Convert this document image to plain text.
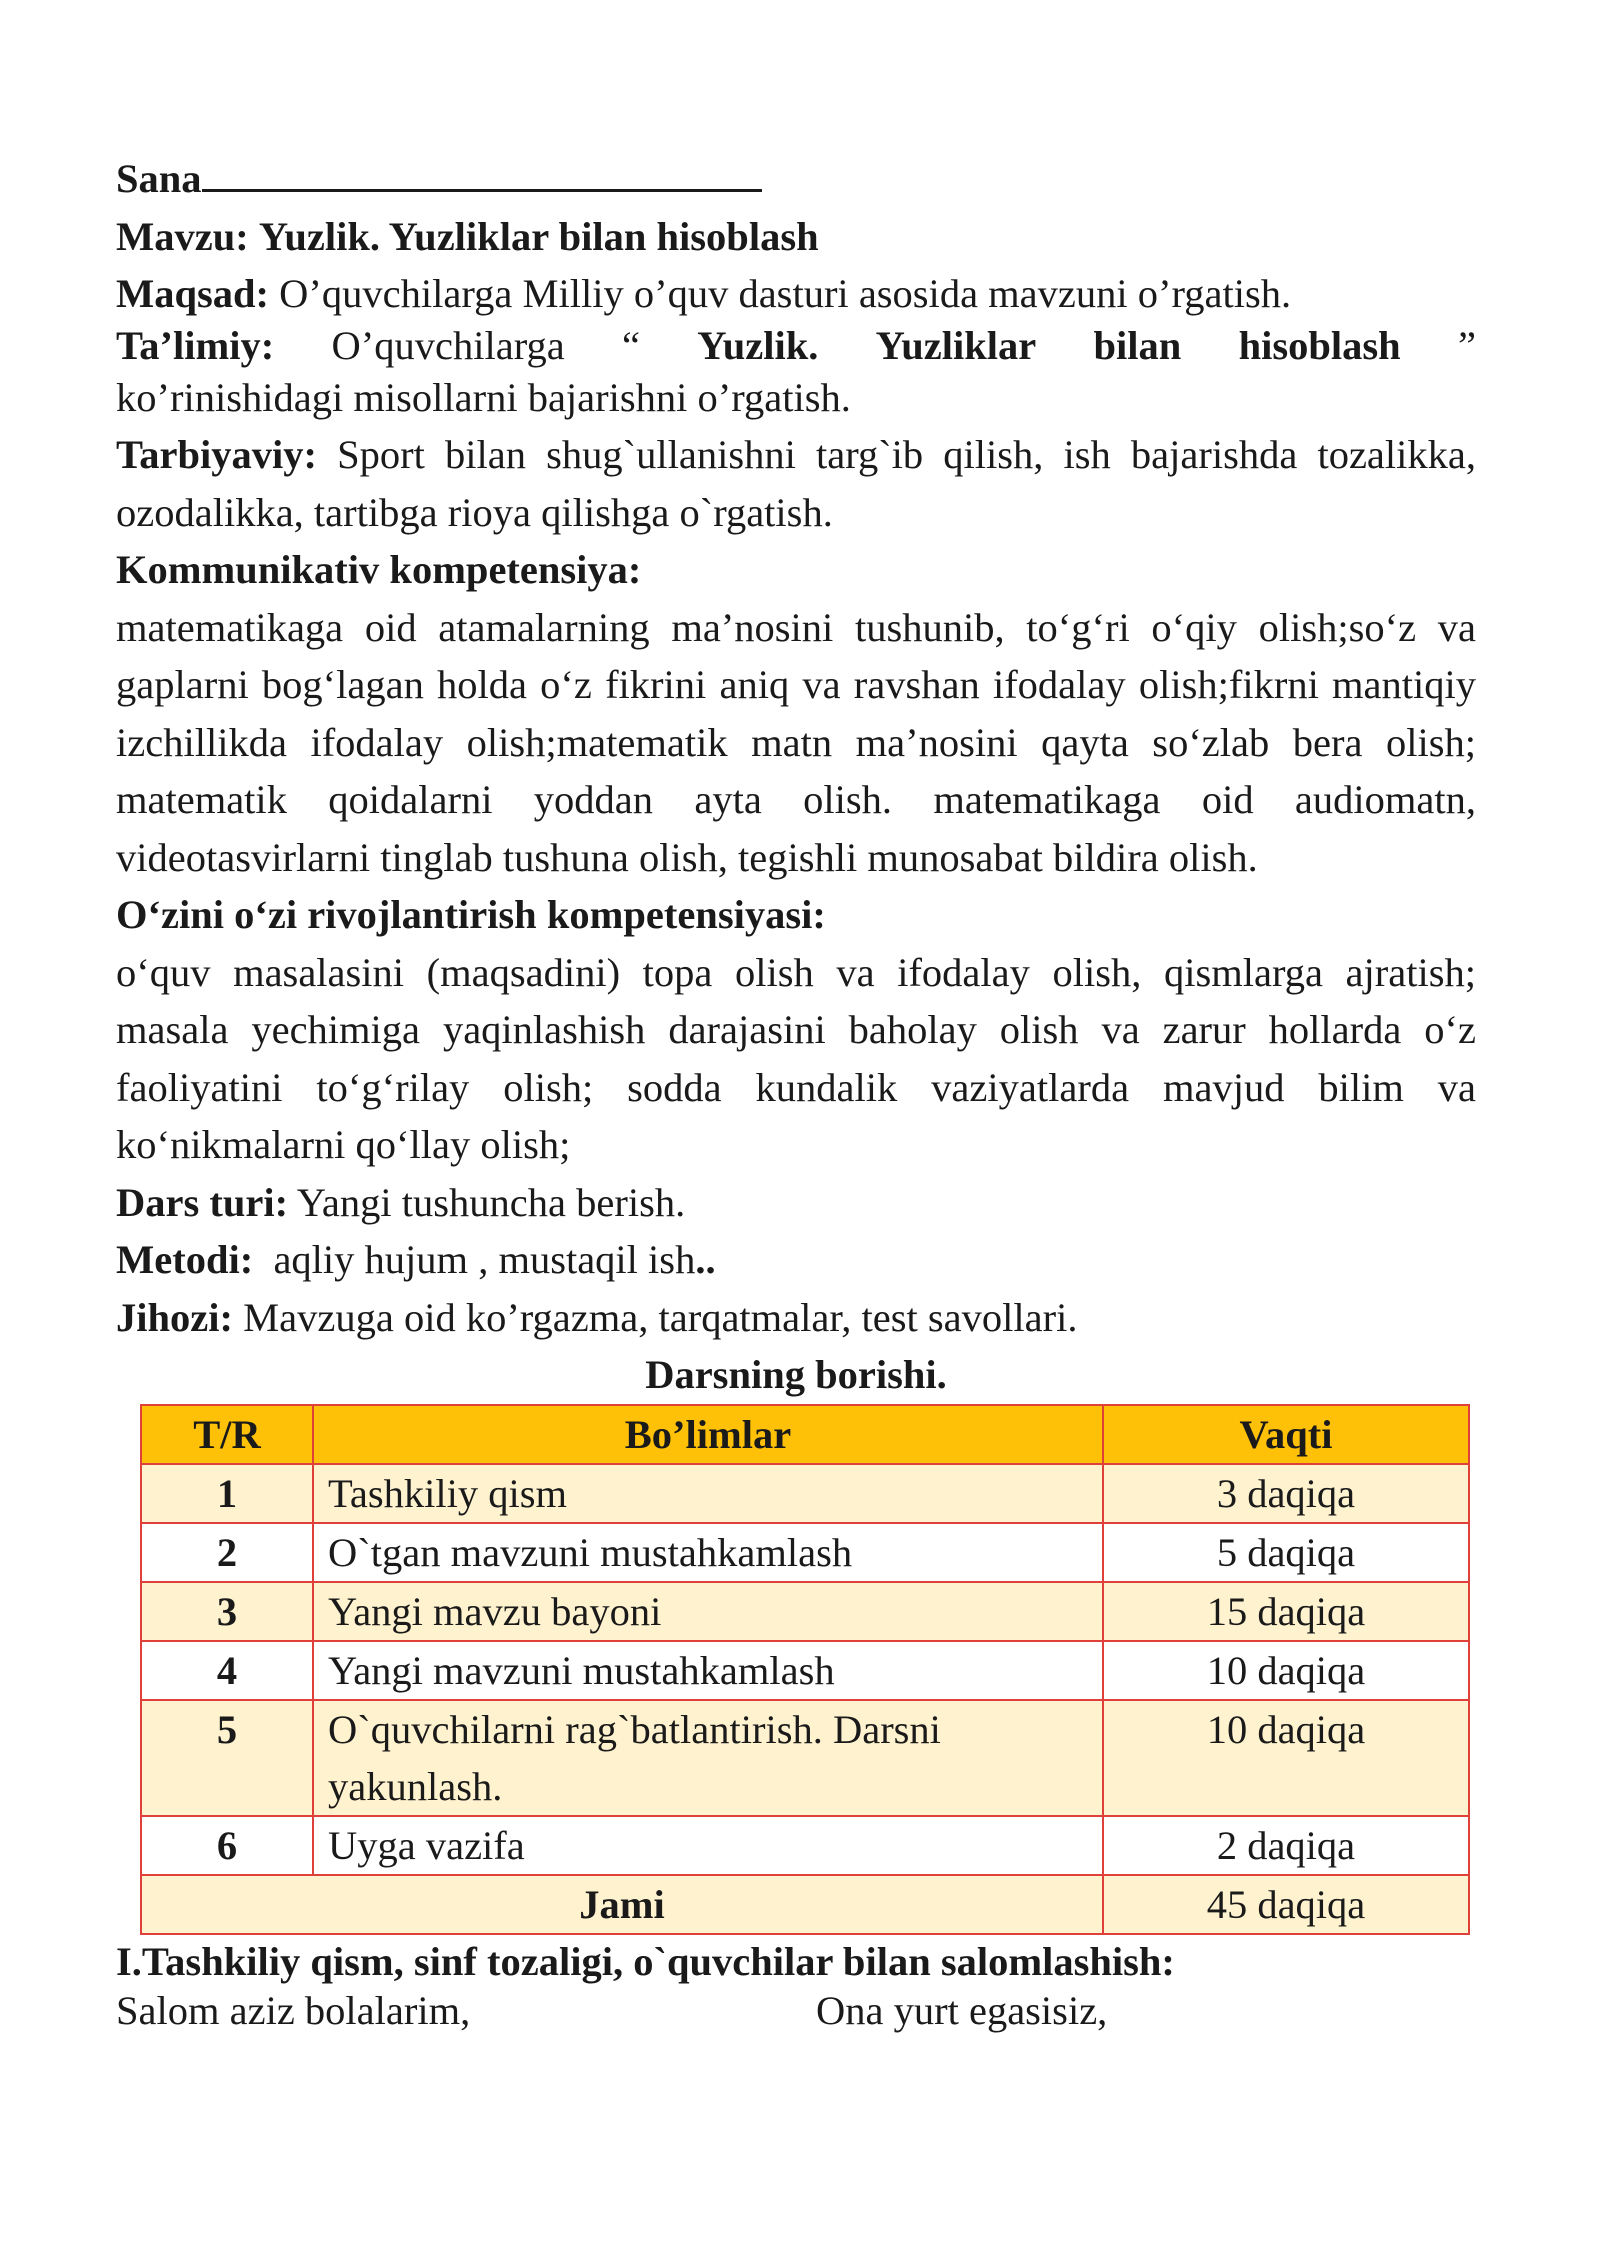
Sana

Mavzu: Yuzlik. Yuzliklar bilan hisoblash

Maqsad: O’quvchilarga Milliy o’quv dasturi asosida mavzuni o’rgatish.

Ta’limiy: O’quvchilarga “ Yuzlik. Yuzliklar bilan hisoblash ”

ko’rinishidagi misollarni bajarishni o’rgatish.

Tarbiyaviy: Sport bilan shug`ullanishni targ`ib qilish, ish bajarishda tozalikka, ozodalikka, tartibga rioya qilishga o`rgatish.

Kommunikativ kompetensiya:

matematikaga oid atamalarning ma’nosini tushunib, to‘g‘ri o‘qiy olish;so‘z va gaplarni bog‘lagan holda o‘z fikrini aniq va ravshan ifodalay olish;fikrni mantiqiy izchillikda ifodalay olish;matematik matn ma’nosini qayta so‘zlab bera olish; matematik qoidalarni yoddan ayta olish. matematikaga oid audiomatn, videotasvirlarni tinglab tushuna olish, tegishli munosabat bildira olish.

O‘zini o‘zi rivojlantirish kompetensiyasi:

o‘quv masalasini (maqsadini) topa olish va ifodalay olish, qismlarga ajratish; masala yechimiga yaqinlashish darajasini baholay olish va zarur hollarda o‘z faoliyatini to‘g‘rilay olish; sodda kundalik vaziyatlarda mavjud bilim va ko‘nikmalarni qo‘llay olish;

Dars turi: Yangi tushuncha berish.

Metodi: aqliy hujum , mustaqil ish..

Jihozi: Mavzuga oid ko’rgazma, tarqatmalar, test savollari.

Darsning borishi.

T/R	Bo’limlar	Vaqti
1	Tashkiliy qism	3 daqiqa
2	O`tgan mavzuni mustahkamlash	5 daqiqa
3	Yangi mavzu bayoni	15 daqiqa
4	Yangi mavzuni mustahkamlash	10 daqiqa
5	O`quvchilarni rag`batlantirish. Darsni yakunlash.	10 daqiqa
6	Uyga vazifa	2 daqiqa
Jami		45 daqiqa

I.Tashkiliy qism, sinf tozaligi, o`quvchilar bilan salomlashish:

Salom aziz bolalarim,	Ona yurt egasisiz,
